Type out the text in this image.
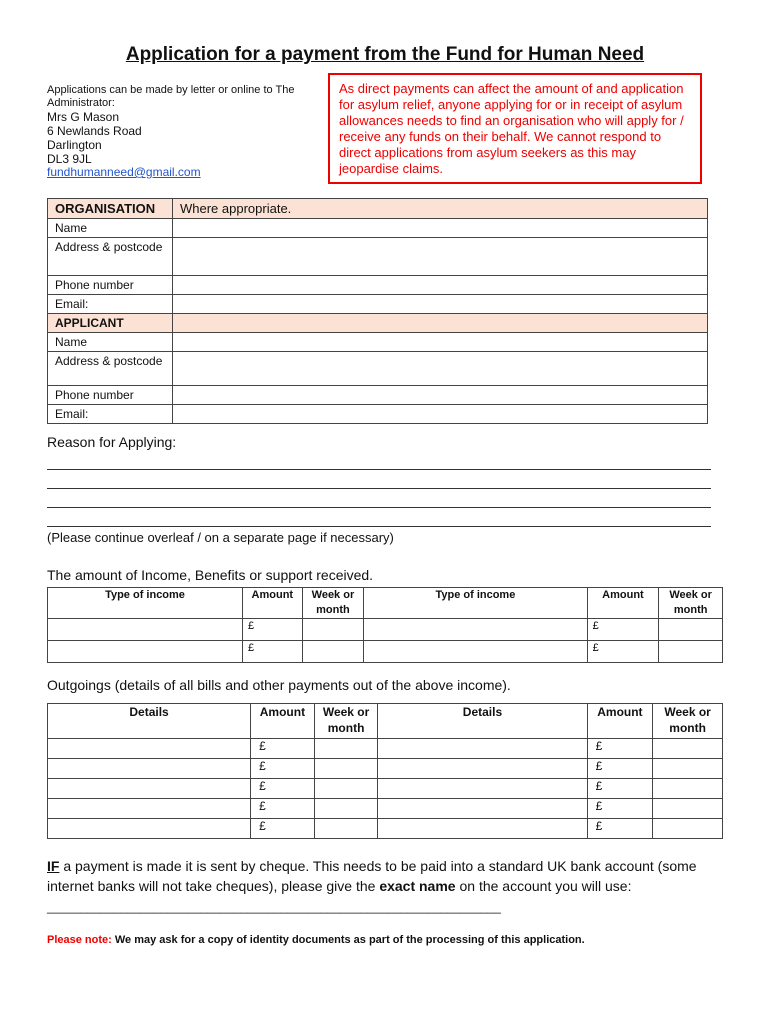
Application for a payment from the Fund for Human Need
Applications can be made by letter or online to The Administrator:
Mrs G Mason
6 Newlands Road
Darlington
DL3 9JL
fundhumanneed@gmail.com
As direct payments can affect the amount of and application for asylum relief, anyone applying for or in receipt of asylum allowances needs to find an organisation who will apply for / receive any funds on their behalf. We cannot respond to direct applications from asylum seekers as this may jeopardise claims.
ORGANISATION	Where appropriate.
Name	
Address & postcode	
Phone number	
Email:	
APPLICANT	
Name	
Address & postcode	
Phone number	
Email:	
Reason for Applying:
(Please continue overleaf / on a separate page if necessary)
The amount of Income, Benefits or support received.
Type of income	Amount	Week or month	Type of income	Amount	Week or month
	£			£	
	£			£	
Outgoings (details of all bills and other payments out of the above income).
Details	Amount	Week or month	Details	Amount	Week or month
	£			£	
	£			£	
	£			£	
	£			£	
	£			£	
IF a payment is made it is sent by cheque. This needs to be paid into a standard UK bank account (some internet banks will not take cheques), please give the exact name on the account you will use: ____________________________________________________________________
Please note: We may ask for a copy of identity documents as part of the processing of this application.
